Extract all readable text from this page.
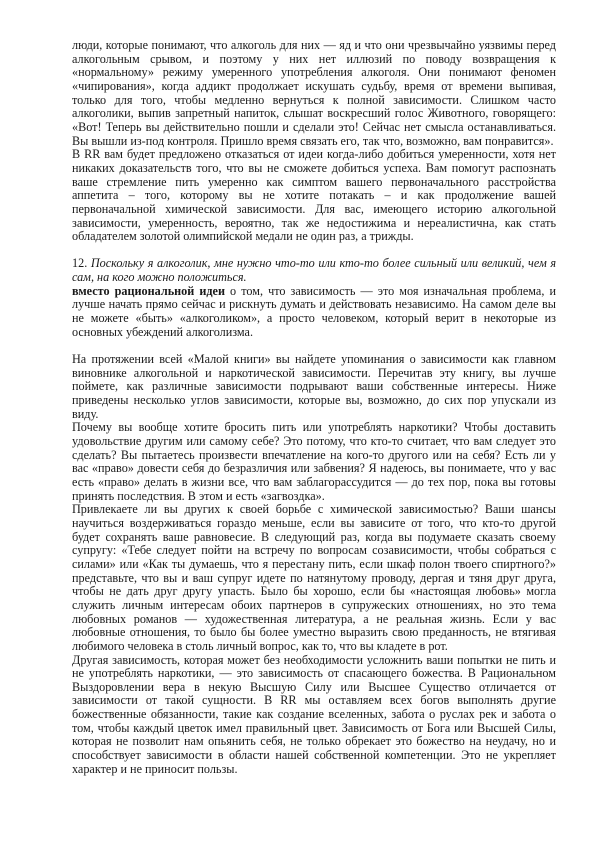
люди, которые понимают, что алкоголь для них — яд и что они чрезвычайно уязвимы перед алкогольным срывом, и поэтому у них нет иллюзий по поводу возвращения к «нормальному» режиму умеренного употребления алкоголя. Они понимают феномен «чипирования», когда аддикт продолжает искушать судьбу, время от времени выпивая, только для того, чтобы медленно вернуться к полной зависимости. Слишком часто алкоголики, выпив запретный напиток, слышат воскресший голос Животного, говорящего: «Вот! Теперь вы действительно пошли и сделали это! Сейчас нет смысла останавливаться. Вы вышли из-под контроля. Пришло время связать его, так что, возможно, вам понравится».

В RR вам будет предложено отказаться от идеи когда-либо добиться умеренности, хотя нет никаких доказательств того, что вы не сможете добиться успеха. Вам помогут распознать ваше стремление пить умеренно как симптом вашего первоначального расстройства аппетита – того, которому вы не хотите потакать – и как продолжение вашей первоначальной химической зависимости. Для вас, имеющего историю алкогольной зависимости, умеренность, вероятно, так же недостижима и нереалистична, как стать обладателем золотой олимпийской медали не один раз, а трижды.

12. Поскольку я алкоголик, мне нужно что-то или кто-то более сильный или великий, чем я сам, на кого можно положиться.

вместо рациональной идеи о том, что зависимость — это моя изначальная проблема, и лучше начать прямо сейчас и рискнуть думать и действовать независимо. На самом деле вы не можете «быть» «алкоголиком», а просто человеком, который верит в некоторые из основных убеждений алкоголизма.

На протяжении всей «Малой книги» вы найдете упоминания о зависимости как главном виновнике алкогольной и наркотической зависимости. Перечитав эту книгу, вы лучше поймете, как различные зависимости подрывают ваши собственные интересы. Ниже приведены несколько углов зависимости, которые вы, возможно, до сих пор упускали из виду.

Почему вы вообще хотите бросить пить или употреблять наркотики? Чтобы доставить удовольствие другим или самому себе? Это потому, что кто-то считает, что вам следует это сделать? Вы пытаетесь произвести впечатление на кого-то другого или на себя? Есть ли у вас «право» довести себя до безразличия или забвения? Я надеюсь, вы понимаете, что у вас есть «право» делать в жизни все, что вам заблагорассудится — до тех пор, пока вы готовы принять последствия. В этом и есть «загвоздка».

Привлекаете ли вы других к своей борьбе с химической зависимостью? Ваши шансы научиться воздерживаться гораздо меньше, если вы зависите от того, что кто-то другой будет сохранять ваше равновесие. В следующий раз, когда вы подумаете сказать своему супругу: «Тебе следует пойти на встречу по вопросам созависимости, чтобы собраться с силами» или «Как ты думаешь, что я перестану пить, если шкаф полон твоего спиртного?» представьте, что вы и ваш супруг идете по натянутому проводу, дергая и тяня друг друга, чтобы не дать друг другу упасть. Было бы хорошо, если бы «настоящая любовь» могла служить личным интересам обоих партнеров в супружеских отношениях, но это тема любовных романов — художественная литература, а не реальная жизнь. Если у вас любовные отношения, то было бы более уместно выразить свою преданность, не втягивая любимого человека в столь личный вопрос, как то, что вы кладете в рот.

Другая зависимость, которая может без необходимости усложнить ваши попытки не пить и не употреблять наркотики, — это зависимость от спасающего божества. В Рациональном Выздоровлении вера в некую Высшую Силу или Высшее Существо отличается от зависимости от такой сущности. В RR мы оставляем всех богов выполнять другие божественные обязанности, такие как создание вселенных, забота о руслах рек и забота о том, чтобы каждый цветок имел правильный цвет. Зависимость от Бога или Высшей Силы, которая не позволит нам опьянить себя, не только обрекает это божество на неудачу, но и способствует зависимости в области нашей собственной компетенции. Это не укрепляет характер и не приносит пользы.
